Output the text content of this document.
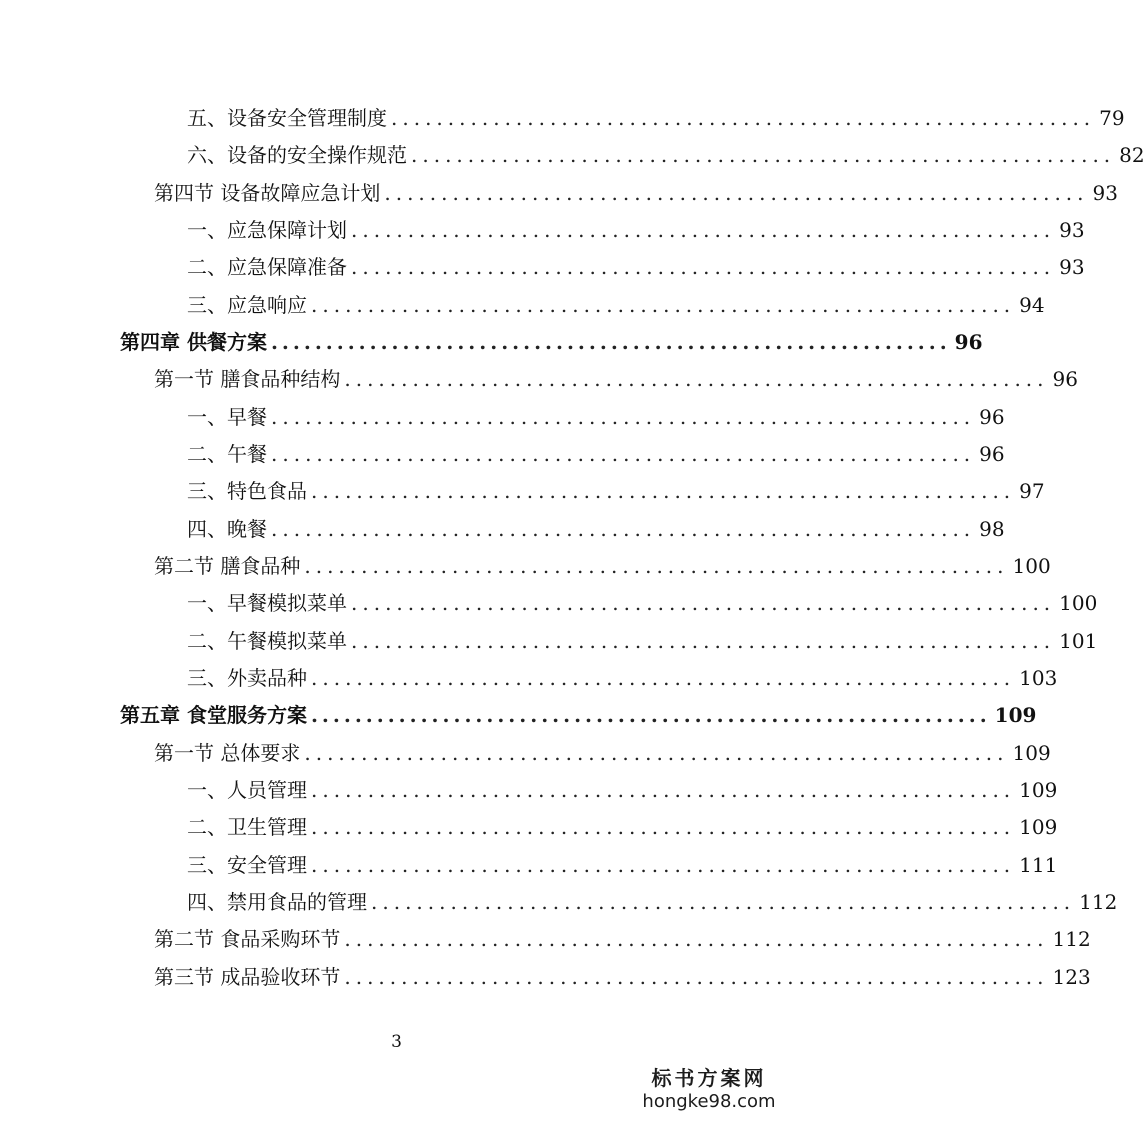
五、设备安全管理制度 .............................................................. 79
六、设备的安全操作规范 .............................................................. 82
第四节 设备故障应急计划 .............................................................. 93
一、应急保障计划 .............................................................. 93
二、应急保障准备 .............................................................. 93
三、应急响应 .............................................................. 94
第四章 供餐方案 .............................................................. 96
第一节 膳食品种结构 .............................................................. 96
一、早餐 .............................................................. 96
二、午餐 .............................................................. 96
三、特色食品 .............................................................. 97
四、晚餐 .............................................................. 98
第二节 膳食品种 .............................................................. 100
一、早餐模拟菜单 .............................................................. 100
二、午餐模拟菜单 .............................................................. 101
三、外卖品种 .............................................................. 103
第五章 食堂服务方案 .............................................................. 109
第一节 总体要求 .............................................................. 109
一、人员管理 .............................................................. 109
二、卫生管理 .............................................................. 109
三、安全管理 .............................................................. 111
四、禁用食品的管理 .............................................................. 112
第二节 食品采购环节 .............................................................. 112
第三节 成品验收环节 .............................................................. 123
3
标书方案网
hongke98.com
